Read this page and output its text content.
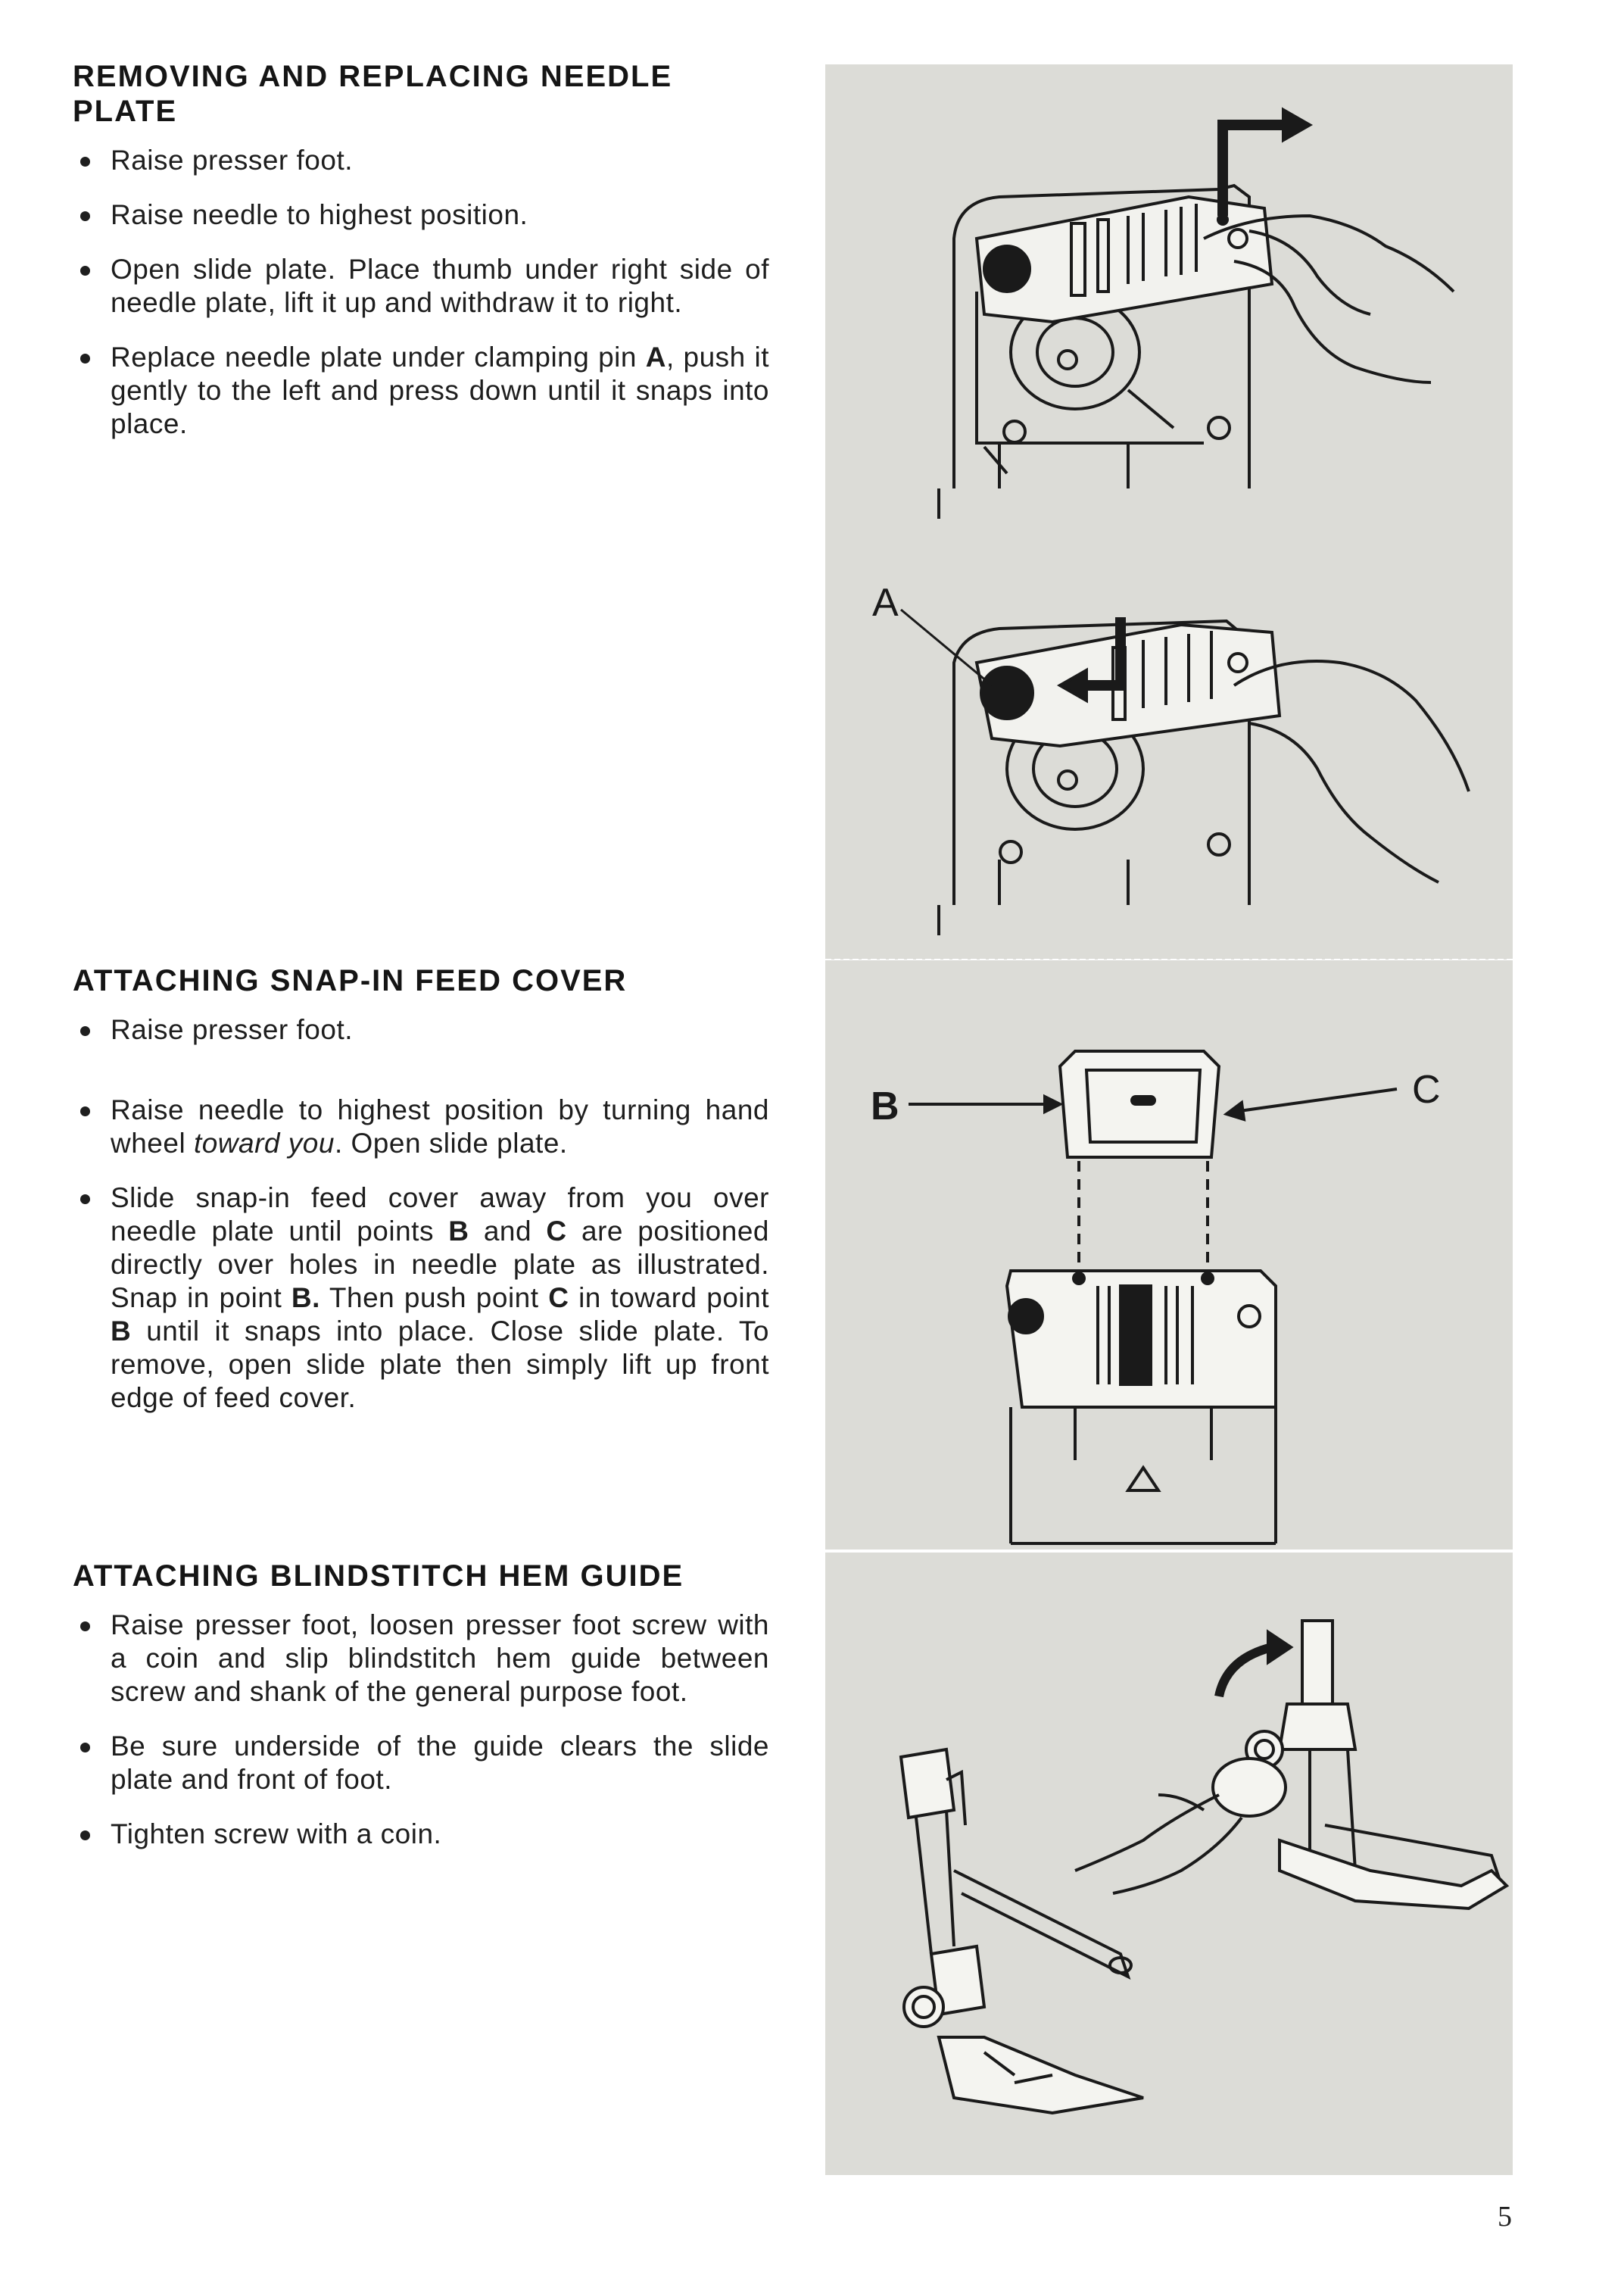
REMOVING AND REPLACING NEEDLE PLATE
Raise presser foot.
Raise needle to highest position.
Open slide plate. Place thumb under right side of needle plate, lift it up and withdraw it to right.
Replace needle plate under clamping pin A, push it gently to the left and press down until it snaps into place.
ATTACHING SNAP-IN FEED COVER
Raise presser foot.
Raise needle to highest position by turning hand wheel toward you. Open slide plate.
Slide snap-in feed cover away from you over needle plate until points B and C are positioned directly over holes in needle plate as illustrated. Snap in point B. Then push point C in toward point B until it snaps into place. Close slide plate. To remove, open slide plate then simply lift up front edge of feed cover.
ATTACHING BLINDSTITCH HEM GUIDE
Raise presser foot, loosen presser foot screw with a coin and slip blindstitch hem guide between screw and shank of the general purpose foot.
Be sure underside of the guide clears the slide plate and front of foot.
Tighten screw with a coin.
A
B	C
5
